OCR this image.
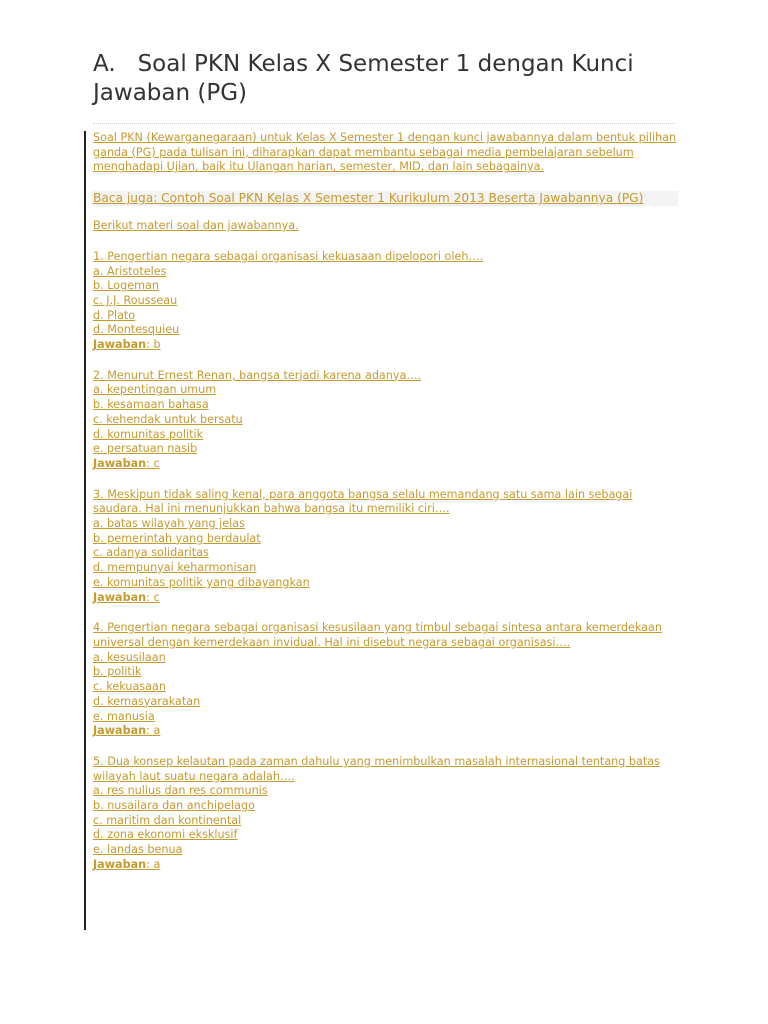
A. Soal PKN Kelas X Semester 1 dengan Kunci Jawaban (PG)

Soal PKN (Kewarganegaraan) untuk Kelas X Semester 1 dengan kunci jawabannya dalam bentuk pilihan ganda (PG) pada tulisan ini, diharapkan dapat membantu sebagai media pembelajaran sebelum menghadapi Ujian, baik itu Ulangan harian, semester, MID, dan lain sebagainya.

Baca juga: Contoh Soal PKN Kelas X Semester 1 Kurikulum 2013 Beserta Jawabannya (PG)
Berikut materi soal dan jawabannya.
1. Pengertian negara sebagai organisasi kekuasaan dipelopori oleh….
a. Aristoteles
b. Logeman
c. J.J. Rousseau
d. Plato
d. Montesquieu
Jawaban: b
2. Menurut Ernest Renan, bangsa terjadi karena adanya….
a. kepentingan umum
b. kesamaan bahasa
c. kehendak untuk bersatu
d. komunitas politik
e. persatuan nasib
Jawaban: c
3. Meskipun tidak saling kenal, para anggota bangsa selalu memandang satu sama lain sebagai saudara. Hal ini menunjukkan bahwa bangsa itu memiliki ciri….
a. batas wilayah yang jelas
b. pemerintah yang berdaulat
c. adanya solidaritas
d. mempunyai keharmonisan
e. komunitas politik yang dibayangkan
Jawaban: c
4. Pengertian negara sebagai organisasi kesusilaan yang timbul sebagai sintesa antara kemerdekaan universal dengan kemerdekaan invidual. Hal ini disebut negara sebagai organisasi….
a. kesusilaan
b. politik
c. kekuasaan
d. kemasyarakatan
e. manusia
Jawaban: a
5. Dua konsep kelautan pada zaman dahulu yang menimbulkan masalah internasional tentang batas wilayah laut suatu negara adalah….
a. res nulius dan res communis
b. nusailara dan anchipelago
c. maritim dan kontinental
d. zona ekonomi eksklusif
e. landas benua
Jawaban: a
